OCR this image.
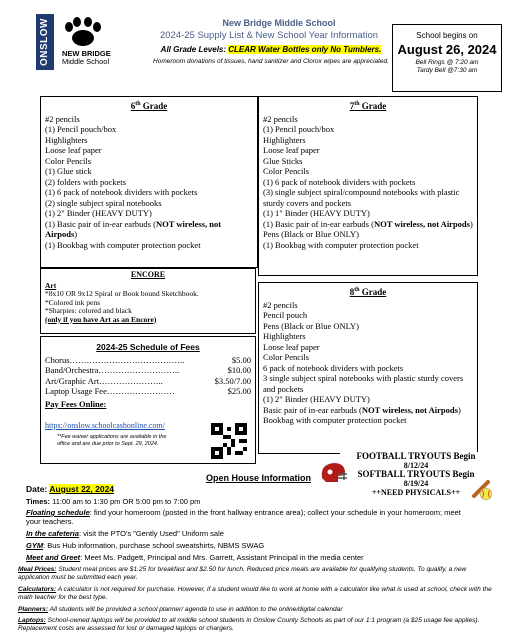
ONSLOW	NEW BRIDGE
Middle School
New Bridge Middle School
2024-25 Supply List & New School Year Information
All Grade Levels: CLEAR Water Bottles only No Tumblers.
Homeroom donations of tissues, hand sanitizer and Clorox wipes are appreciated.
School begins on
August 26, 2024
Bell Rings @ 7:20 am
Tardy Bell @7:30 am
6th Grade
#2 pencils
(1) Pencil pouch/box
Highlighters
Loose leaf paper
Color Pencils
(1) Glue stick
(2) folders with pockets
(1) 6 pack of notebook dividers with pockets
(2) single subject spiral notebooks
(1) 2" Binder (HEAVY DUTY)
(1) Basic pair of in-ear earbuds (NOT wireless, not Airpods)
(1) Bookbag with computer protection pocket
7th Grade
#2 pencils
(1) Pencil pouch/box
Highlighters
Loose leaf paper
Glue Sticks
Color Pencils
(1) 6 pack of notebook dividers with pockets
(3) single subject spiral/compound notebooks with plastic sturdy covers and pockets
(1) 1" Binder (HEAVY DUTY)
(1) Basic pair of in-ear earbuds (NOT wireless, not Airpods)
Pens (Black or Blue ONLY)
(1) Bookbag with computer protection pocket
8th Grade
#2 pencils
Pencil pouch
Pens (Black or Blue ONLY)
Highlighters
Loose leaf paper
Color Pencils
6 pack of notebook dividers with pockets
3 single subject spiral notebooks with plastic sturdy covers and pockets
(1) 2" Binder (HEAVY DUTY)
Basic pair of in-ear earbuds (NOT wireless, not Airpods)
Bookbag with computer protection pocket
ENCORE
Art
*8x10 OR 9x12 Spiral or Book bound Sketchbook.
*Colored ink pens
*Sharpies: colored and black
(only if you have Art as an Encore)
2024-25 Schedule of Fees
Chorus…………………………………..	$5.00
Band/Orchestra………………………..	$10.00
Art/Graphic Art…………………..	$3.50/7.00
Laptop Usage Fee……………………	$25.00
Pay Fees Online:
https://onslow.schoolcashonline.com/
**Fee waiver applications are available in the office and are due prior to Sept. 29, 2024.
FOOTBALL TRYOUTS Begin
8/12/24
SOFTBALL TRYOUTS Begin
8/19/24
++NEED PHYSICALS++
Open House Information
Date: August 22, 2024
Times: 11:00 am to 1:30 pm OR 5:00 pm to 7:00 pm
Floating schedule: find your homeroom (posted in the front hallway entrance area); collect your schedule in your homeroom; meet your teachers.
In the cafeteria: visit the PTO's "Gently Used" Uniform sale
GYM: Bus Hub information, purchase school sweatshirts, NBMS SWAG
Meet and Greet: Meet Ms. Padgett, Principal and Mrs. Garrett, Assistant Principal in the media center
Meal Prices: Student meal prices are $1.25 for breakfast and $2.50 for lunch. Reduced price meals are available for qualifying students. To qualify, a new application must be submitted each year.
Calculators: A calculator is not required for purchase. However, if a student would like to work at home with a calculator like what is used at school, check with the math teacher for the best type.
Planners: All students will be provided a school planner/ agenda to use in addition to the online/digital calendar
Laptops: School-owned laptops will be provided to all middle school students in Onslow County Schools as part of our 1:1 program (a $25 usage fee applies). Replacement costs are assessed for lost or damaged laptops or chargers.
